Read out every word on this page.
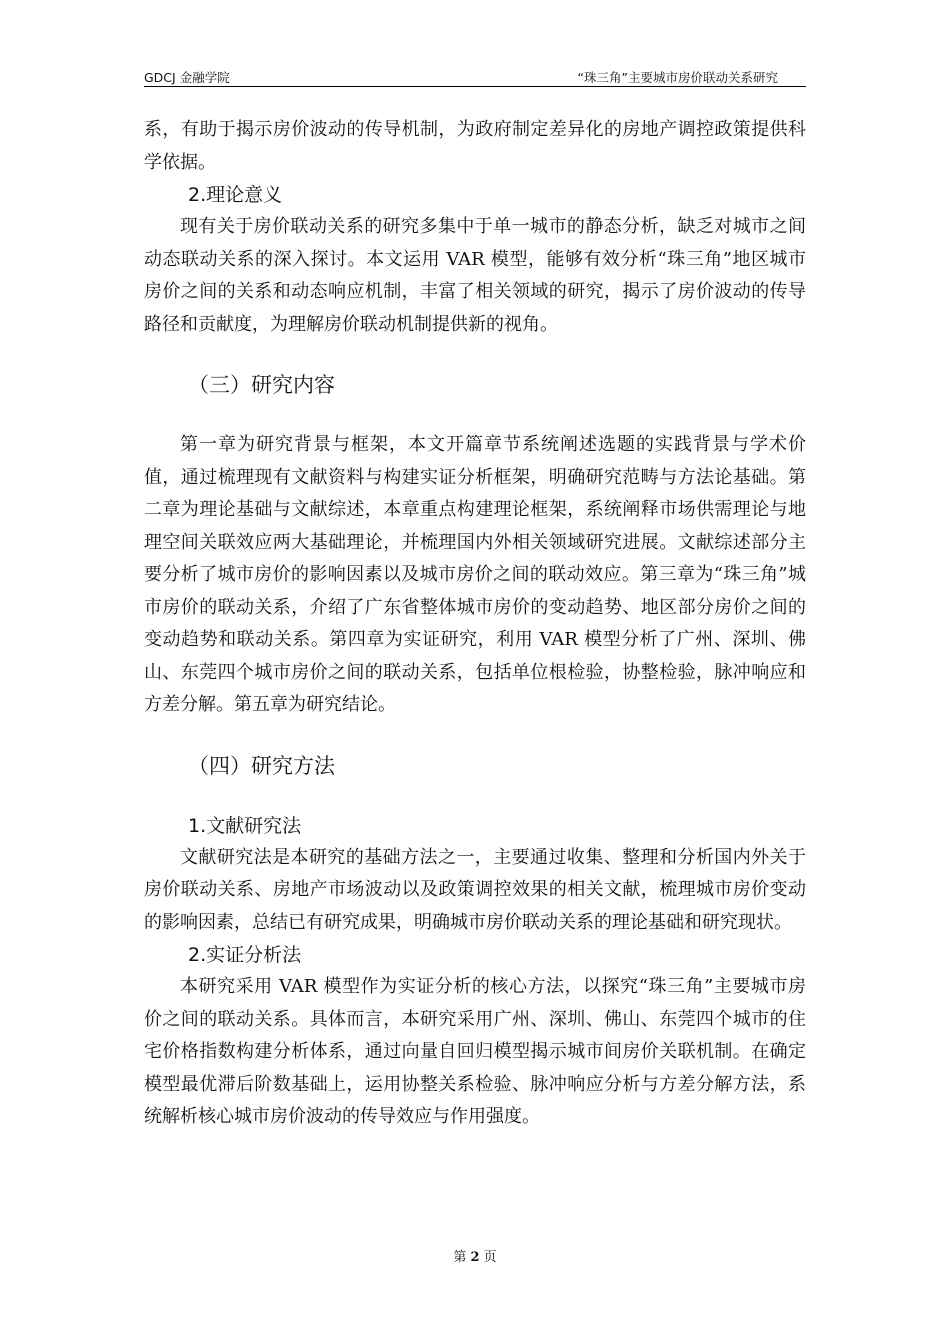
GDCJ 金融学院	“珠三角”主要城市房价联动关系研究

系，有助于揭示房价波动的传导机制，为政府制定差异化的房地产调控政策提供科学依据。

2.理论意义

现有关于房价联动关系的研究多集中于单一城市的静态分析，缺乏对城市之间动态联动关系的深入探讨。本文运用 VAR 模型，能够有效分析“珠三角”地区城市房价之间的关系和动态响应机制，丰富了相关领域的研究，揭示了房价波动的传导路径和贡献度，为理解房价联动机制提供新的视角。

（三）研究内容

第一章为研究背景与框架，本文开篇章节系统阐述选题的实践背景与学术价值，通过梳理现有文献资料与构建实证分析框架，明确研究范畴与方法论基础。第二章为理论基础与文献综述，本章重点构建理论框架，系统阐释市场供需理论与地理空间关联效应两大基础理论，并梳理国内外相关领域研究进展。文献综述部分主要分析了城市房价的影响因素以及城市房价之间的联动效应。第三章为“珠三角”城市房价的联动关系，介绍了广东省整体城市房价的变动趋势、地区部分房价之间的变动趋势和联动关系。第四章为实证研究，利用 VAR 模型分析了广州、深圳、佛山、东莞四个城市房价之间的联动关系，包括单位根检验，协整检验，脉冲响应和方差分解。第五章为研究结论。

（四）研究方法
1.文献研究法

文献研究法是本研究的基础方法之一，主要通过收集、整理和分析国内外关于房价联动关系、房地产市场波动以及政策调控效果的相关文献，梳理城市房价变动的影响因素，总结已有研究成果，明确城市房价联动关系的理论基础和研究现状。

2.实证分析法

本研究采用 VAR 模型作为实证分析的核心方法，以探究“珠三角”主要城市房价之间的联动关系。具体而言，本研究采用广州、深圳、佛山、东莞四个城市的住宅价格指数构建分析体系，通过向量自回归模型揭示城市间房价关联机制。在确定模型最优滞后阶数基础上，运用协整关系检验、脉冲响应分析与方差分解方法，系统解析核心城市房价波动的传导效应与作用强度。

第 2 页
